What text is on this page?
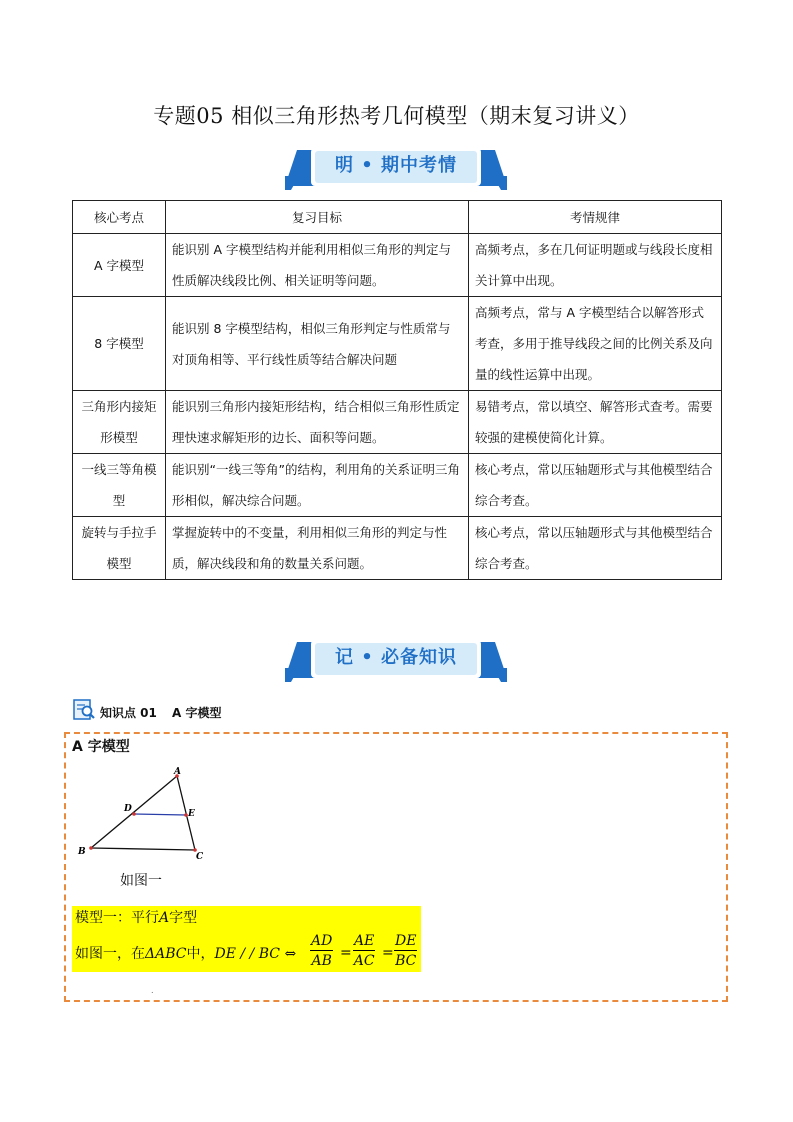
专题05 相似三角形热考几何模型（期末复习讲义）
明 • 期中考情
核心考点	复习目标	考情规律
A 字模型	能识别 A 字模型结构并能利用相似三角形的判定与性质解决线段比例、相关证明等问题。	高频考点，多在几何证明题或与线段长度相关计算中出现。
8 字模型	能识别 8 字模型结构，相似三角形判定与性质常与对顶角相等、平行线性质等结合解决问题	高频考点，常与 A 字模型结合以解答形式考查，多用于推导线段之间的比例关系及向量的线性运算中出现。
三角形内接矩形模型	能识别三角形内接矩形结构，结合相似三角形性质定理快速求解矩形的边长、面积等问题。	易错考点，常以填空、解答形式查考。需要较强的建模使简化计算。
一线三等角模型	能识别“一线三等角”的结构，利用角的关系证明三角形相似，解决综合问题。	核心考点，常以压轴题形式与其他模型结合综合考查。
旋转与手拉手模型	掌握旋转中的不变量，利用相似三角形的判定与性质，解决线段和角的数量关系问题。	核心考点，常以压轴题形式与其他模型结合综合考查。
记 • 必备知识
知识点 01 A 字模型
A 字模型
A
B	C
D	E
如图一
模型一：平行A字型
如图一，在ΔABC中，DE / / BC ⇔ $\frac{AD}{AB} = \frac{AE}{AC} = \frac{DE}{BC}$
.
